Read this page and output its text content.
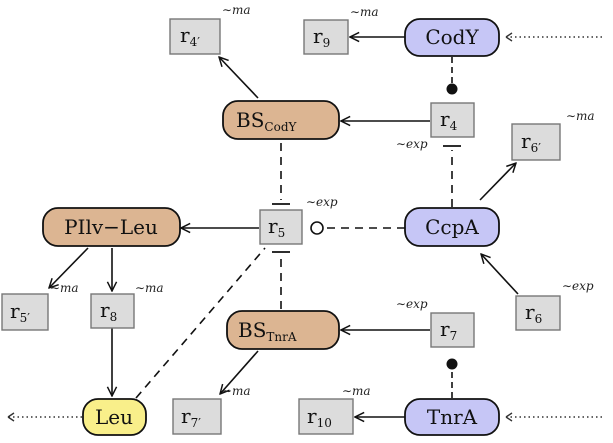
CodY
CcpA
TnrA
$BS_{CodY}$
$BS_{TnrA}$
PIlv−Leu
Leu
$r_{4'}$	$r_9$
$r_4$
$r_{6'}$
$r_5$
$r_{5'}$	$r_8$	$r_6$
$r_7$
$r_{7'}$	$r_{10}$
∼ma	∼ma
∼exp
∼ma
∼exp
∼ma	∼ma	∼exp
∼exp
∼ma	∼ma
